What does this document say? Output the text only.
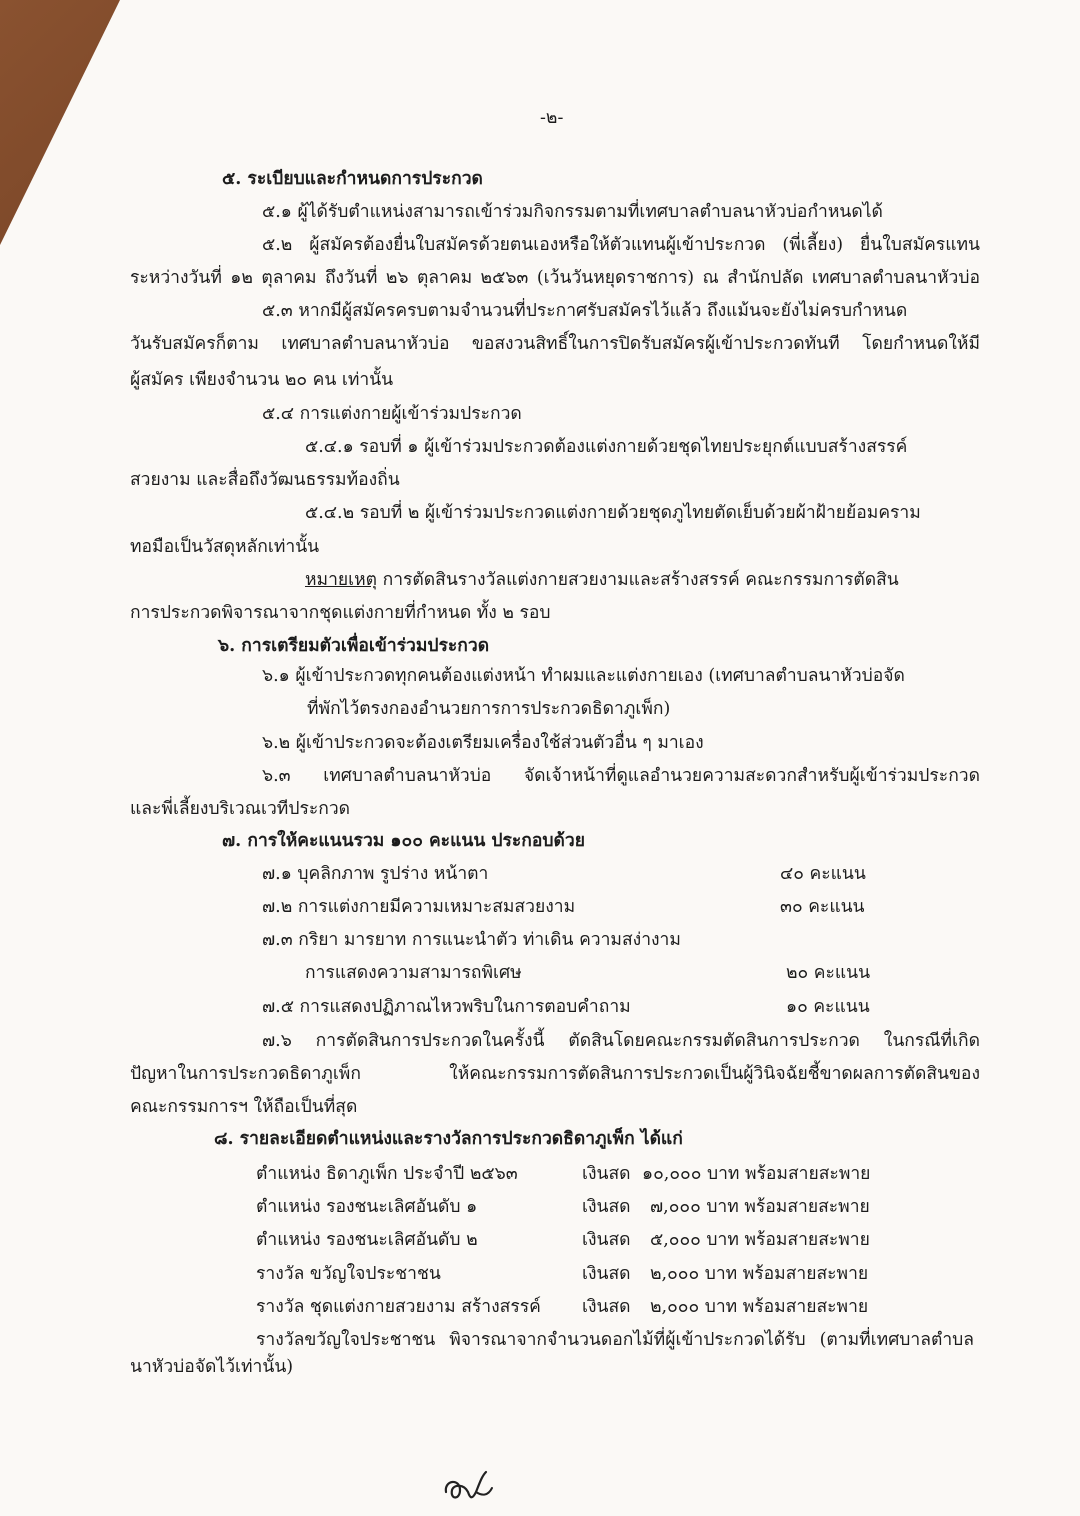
-๒-
๕. ระเบียบและกำหนดการประกวด
๕.๑ ผู้ได้รับตำแหน่งสามารถเข้าร่วมกิจกรรมตามที่เทศบาลตำบลนาหัวบ่อกำหนดได้
๕.๒ ผู้สมัครต้องยื่นใบสมัครด้วยตนเองหรือให้ตัวแทนผู้เข้าประกวด (พี่เลี้ยง) ยื่นใบสมัครแทน
ระหว่างวันที่ ๑๒ ตุลาคม ถึงวันที่ ๒๖ ตุลาคม ๒๕๖๓ (เว้นวันหยุดราชการ) ณ สำนักปลัด เทศบาลตำบลนาหัวบ่อ
๕.๓ หากมีผู้สมัครครบตามจำนวนที่ประกาศรับสมัครไว้แล้ว ถึงแม้นจะยังไม่ครบกำหนด
วันรับสมัครก็ตาม เทศบาลตำบลนาหัวบ่อ ขอสงวนสิทธิ์ในการปิดรับสมัครผู้เข้าประกวดทันที โดยกำหนดให้มี
ผู้สมัคร เพียงจำนวน ๒๐ คน เท่านั้น
๕.๔ การแต่งกายผู้เข้าร่วมประกวด
๕.๔.๑ รอบที่ ๑ ผู้เข้าร่วมประกวดต้องแต่งกายด้วยชุดไทยประยุกต์แบบสร้างสรรค์
สวยงาม และสื่อถึงวัฒนธรรมท้องถิ่น
๕.๔.๒ รอบที่ ๒ ผู้เข้าร่วมประกวดแต่งกายด้วยชุดภูไทยตัดเย็บด้วยผ้าฝ้ายย้อมคราม
ทอมือเป็นวัสดุหลักเท่านั้น
หมายเหตุ การตัดสินรางวัลแต่งกายสวยงามและสร้างสรรค์ คณะกรรมการตัดสิน
การประกวดพิจารณาจากชุดแต่งกายที่กำหนด ทั้ง ๒ รอบ
๖. การเตรียมตัวเพื่อเข้าร่วมประกวด
๖.๑ ผู้เข้าประกวดทุกคนต้องแต่งหน้า ทำผมและแต่งกายเอง (เทศบาลตำบลนาหัวบ่อจัด
ที่พักไว้ตรงกองอำนวยการการประกวดธิดาภูเพ็ก)
๖.๒ ผู้เข้าประกวดจะต้องเตรียมเครื่องใช้ส่วนตัวอื่น ๆ มาเอง
๖.๓ เทศบาลตำบลนาหัวบ่อ จัดเจ้าหน้าที่ดูแลอำนวยความสะดวกสำหรับผู้เข้าร่วมประกวด
และพี่เลี้ยงบริเวณเวทีประกวด
๗. การให้คะแนนรวม ๑๐๐ คะแนน ประกอบด้วย
๗.๑ บุคลิกภาพ รูปร่าง หน้าตา	๔๐ คะแนน
๗.๒ การแต่งกายมีความเหมาะสมสวยงาม	๓๐ คะแนน
๗.๓ กริยา มารยาท การแนะนำตัว ท่าเดิน ความสง่างาม
การแสดงความสามารถพิเศษ	๒๐ คะแนน
๗.๕ การแสดงปฏิภาณไหวพริบในการตอบคำถาม	๑๐ คะแนน
๗.๖ การตัดสินการประกวดในครั้งนี้ ตัดสินโดยคณะกรรมตัดสินการประกวด ในกรณีที่เกิด
ปัญหาในการประกวดธิดาภูเพ็ก ให้คณะกรรมการตัดสินการประกวดเป็นผู้วินิจฉัยชี้ขาดผลการตัดสินของ
คณะกรรมการฯ ให้ถือเป็นที่สุด
๘. รายละเอียดตำแหน่งและรางวัลการประกวดธิดาภูเพ็ก ได้แก่
ตำแหน่ง ธิดาภูเพ็ก ประจำปี ๒๕๖๓	เงินสด ๑๐,๐๐๐ บาท พร้อมสายสะพาย
ตำแหน่ง รองชนะเลิศอันดับ ๑	เงินสด ๗,๐๐๐ บาท พร้อมสายสะพาย
ตำแหน่ง รองชนะเลิศอันดับ ๒	เงินสด ๕,๐๐๐ บาท พร้อมสายสะพาย
รางวัล ขวัญใจประชาชน	เงินสด ๒,๐๐๐ บาท พร้อมสายสะพาย
รางวัล ชุดแต่งกายสวยงาม สร้างสรรค์ เงินสด ๒,๐๐๐ บาท พร้อมสายสะพาย
รางวัลขวัญใจประชาชน พิจารณาจากจำนวนดอกไม้ที่ผู้เข้าประกวดได้รับ (ตามที่เทศบาลตำบล
นาหัวบ่อจัดไว้เท่านั้น)
